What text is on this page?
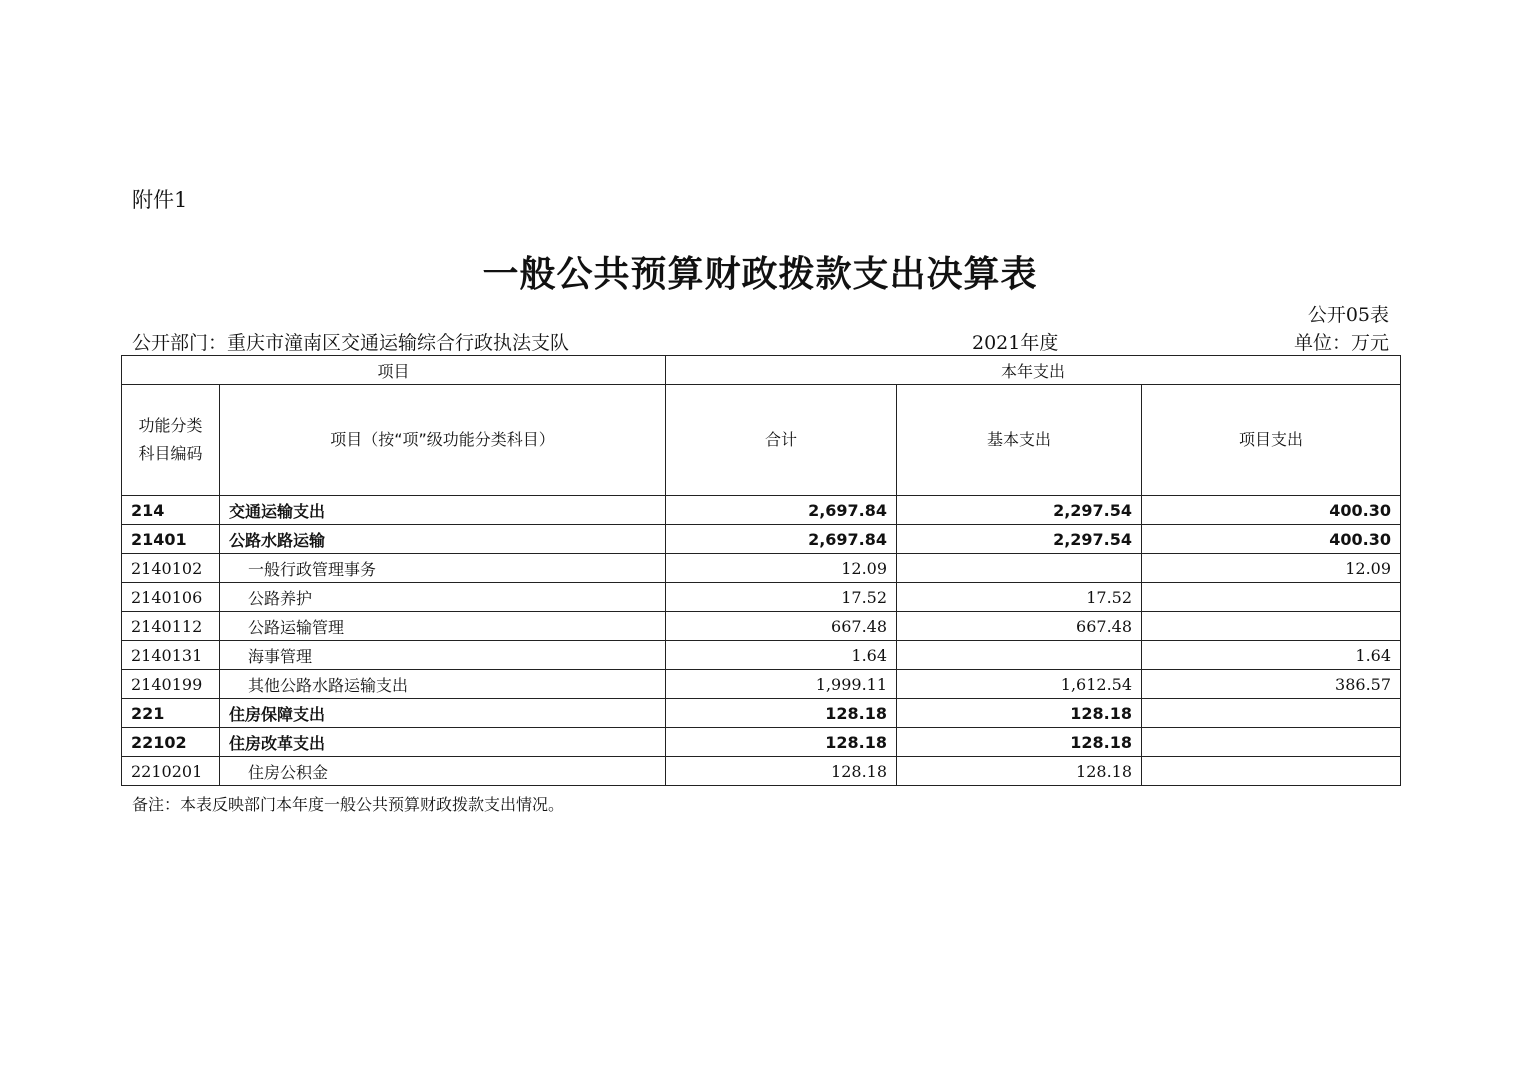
附件1
一般公共预算财政拨款支出决算表
公开05表
公开部门：重庆市潼南区交通运输综合行政执法支队	2021年度	单位：万元
项目		本年支出		
功能分类科目编码	项目（按“项”级功能分类科目）	合计	基本支出	项目支出
214	交通运输支出	2,697.84	2,297.54	400.30
21401	公路水路运输	2,697.84	2,297.54	400.30
2140102	一般行政管理事务	12.09		12.09
2140106	公路养护	17.52	17.52	
2140112	公路运输管理	667.48	667.48	
2140131	海事管理	1.64		1.64
2140199	其他公路水路运输支出	1,999.11	1,612.54	386.57
221	住房保障支出	128.18	128.18	
22102	住房改革支出	128.18	128.18	
2210201	住房公积金	128.18	128.18	
备注：本表反映部门本年度一般公共预算财政拨款支出情况。
